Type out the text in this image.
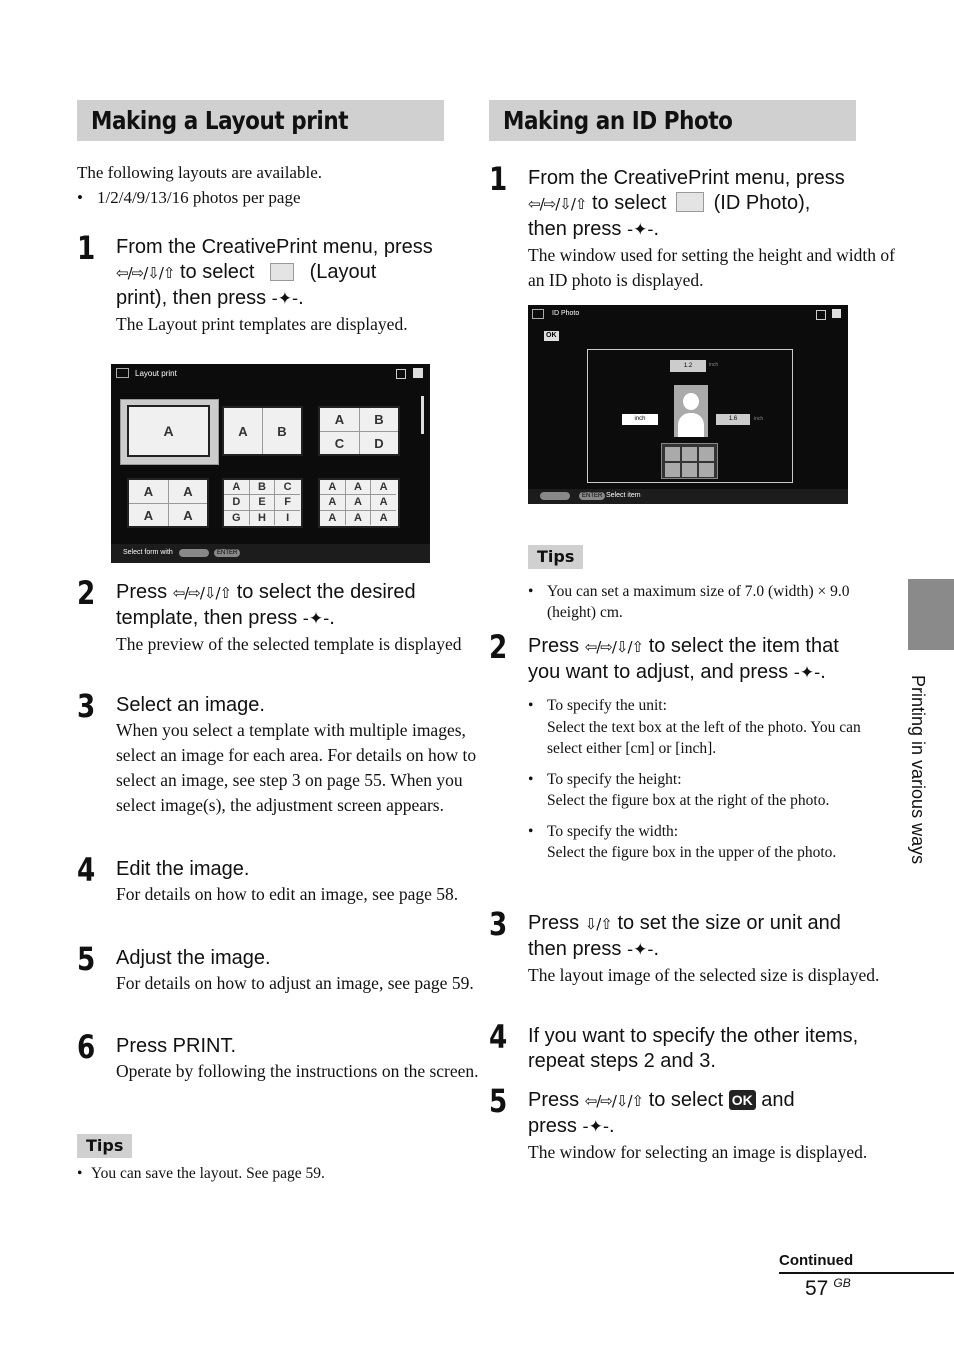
Making a Layout print
The following layouts are available.
• 1/2/4/9/13/16 photos per page
1 From the CreativePrint menu, press
⇦/⇨/⇩/⇧ to select	(Layout
print), then press -✦-.
The Layout print templates are displayed.
Layout print
A	A	B
A	B
C	D
A	A
A	A
A	B	C
D	E	F
G	H	I
A	A	A
A	A	A
A	A	A
Select form with	ENTER
2 Press ⇦/⇨/⇩/⇧ to select the desired
template, then press -✦-.
The preview of the selected template is displayed
3 Select an image.
When you select a template with multiple images, select an image for each area. For details on how to select an image, see step 3 on page 55. When you select image(s), the adjustment screen appears.
4 Edit the image.
For details on how to edit an image, see page 58.
5 Adjust the image.
For details on how to adjust an image, see page 59.
6 Press PRINT.
Operate by following the instructions on the screen.
Tips
• You can save the layout. See page 59.
Making an ID Photo
1 From the CreativePrint menu, press
⇦/⇨/⇩/⇧ to select (ID Photo),
then press -✦-.
The window used for setting the height and width of an ID photo is displayed.
ID Photo
OK
1.2	inch
inch	1.6	inch
ENTER Select item
Tips
• You can set a maximum size of 7.0 (width) × 9.0 (height) cm.
2 Press ⇦/⇨/⇩/⇧ to select the item that
you want to adjust, and press -✦-.
• To specify the unit:
Select the text box at the left of the photo. You can select either [cm] or [inch].
• To specify the height:
Select the figure box at the right of the photo.
• To specify the width:
Select the figure box in the upper of the photo.
3 Press ⇩/⇧ to set the size or unit and
then press -✦-.
The layout image of the selected size is displayed.
4 If you want to specify the other items, repeat steps 2 and 3.
5 Press ⇦/⇨/⇩/⇧ to select OK and
press -✦-.
The window for selecting an image is displayed.
Printing in various ways
Continued
57 $^{GB}$
